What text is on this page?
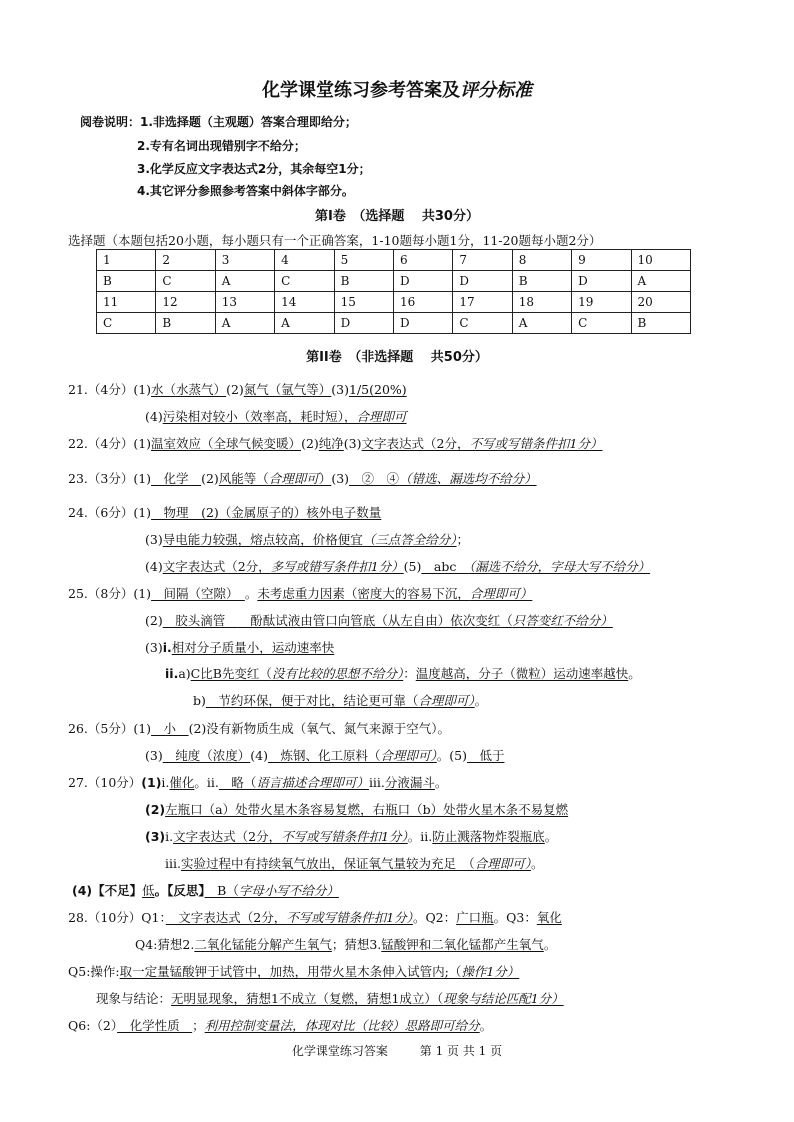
化学课堂练习参考答案及评分标准
阅卷说明：1.非选择题（主观题）答案合理即给分；
2.专有名词出现错别字不给分；
3.化学反应文字表达式2分，其余每空1分；
4.其它评分参照参考答案中斜体字部分。
第Ⅰ卷　（选择题　 共30分）
选择题（本题包括20小题，每小题只有一个正确答案，1-10题每小题1分，11-20题每小题2分）
1	2	3	4	5	6	7	8	9	10
B	C	A	C	B	D	D	B	D	A
11	12	13	14	15	16	17	18	19	20
C	B	A	A	D	D	C	A	C	B
第II卷　（非选择题　 共50分）
21.（4分）(1)水（水蒸气）(2)氮气（氩气等）(3)1/5(20%)
(4)污染相对较小（效率高，耗时短），合理即可
22.（4分）(1)温室效应（全球气候变暖）(2)纯净(3)文字表达式（2分，不写或写错条件扣1分）
23.（3分）(1)　化学　(2)风能等（合理即可）(3)　②　④（错选、漏选均不给分）
24.（6分）(1)　物理　(2)（金属原子的）核外电子数量
(3)导电能力较强，熔点较高，价格便宜（三点答全给分）；
(4)文字表达式（2分，多写或错写条件扣1分）(5)　abc　（漏选不给分，字母大写不给分）
25.（8分）(1)　间隔（空隙）　。未考虑重力因素（密度大的容易下沉，合理即可）
(2)　胶头滴管　　酚酞试液由管口向管底（从左自由）依次变红（只答变红不给分）
(3)i.相对分子质量小，运动速率快
ii.a)C比B先变红（没有比较的思想不给分）：温度越高，分子（微粒）运动速率越快。
b)　节约环保，便于对比，结论更可靠（合理即可）。
26.（5分）(1)　小　(2)没有新物质生成（氧气、氮气来源于空气）。
(3)　纯度（浓度）(4)　炼钢、化工原料（合理即可）。(5)　低于
27.（10分）(1)i.催化。ii.　略（语言描述合理即可）iii.分液漏斗。
(2)左瓶口（a）处带火星木条容易复燃，右瓶口（b）处带火星木条不易复燃
(3)i.文字表达式（2分，不写或写错条件扣1分）。ii.防止溅落物炸裂瓶底。
iii.实验过程中有持续氧气放出，保证氧气量较为充足　（合理即可）。
(4)【不足】低。【反思】　B（字母小写不给分）
28.（10分）Q1：　文字表达式（2分，不写或写错条件扣1分）。Q2：广口瓶。Q3：氧化
Q4:猜想2.二氧化锰能分解产生氧气；猜想3.锰酸钾和二氧化锰都产生氧气。
Q5:操作:取一定量锰酸钾于试管中，加热，用带火星木条伸入试管内;（操作1分）
现象与结论：无明显现象，猜想1不成立（复燃，猜想1成立）（现象与结论匹配1分）
Q6:（2）　化学性质　；利用控制变量法，体现对比（比较）思路即可给分。
化学课堂练习答案	第 1 页 共 1 页
